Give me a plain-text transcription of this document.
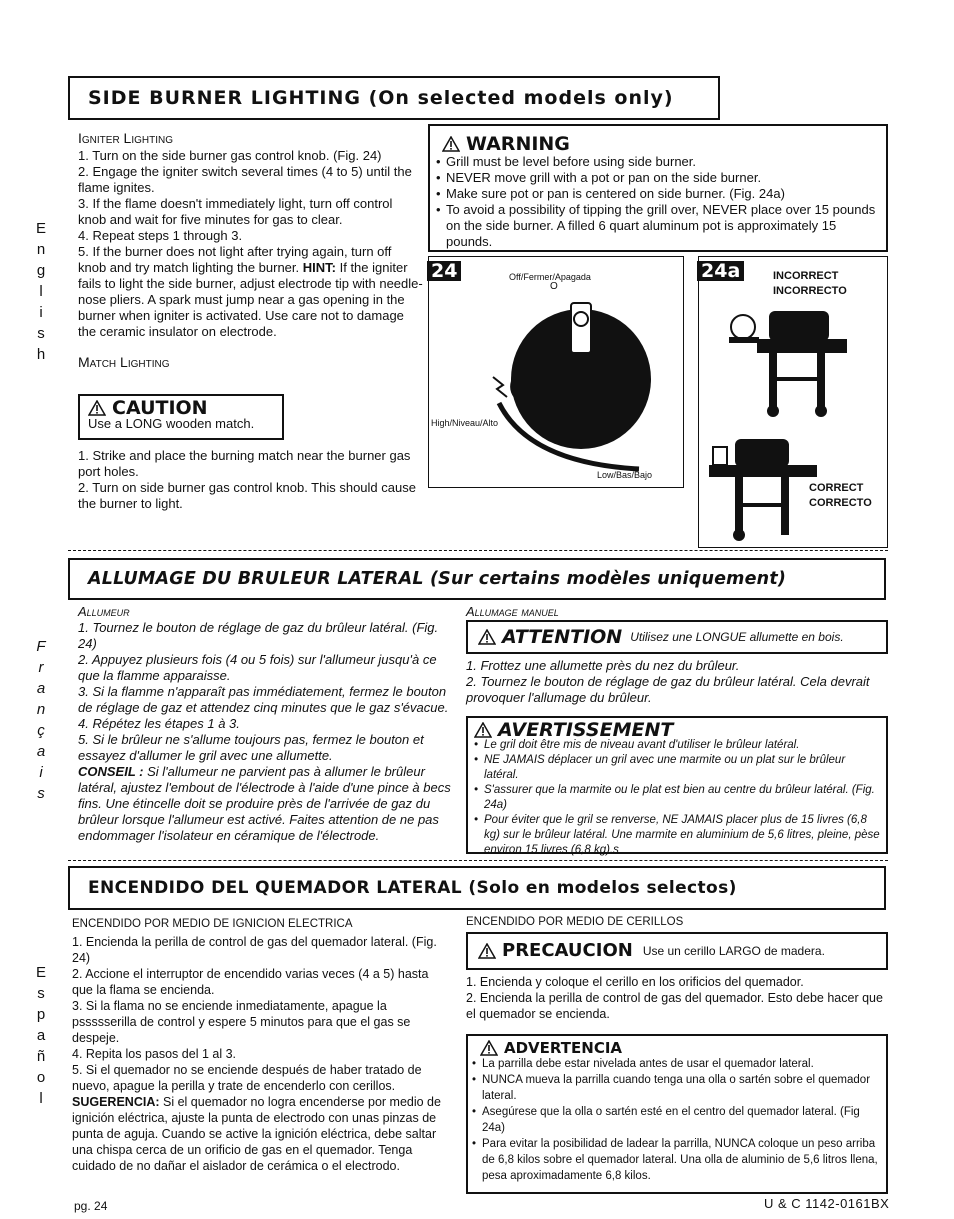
SIDE BURNER LIGHTING (On selected models only)
E
n
g
l
i
s
h
Igniter Lighting
1. Turn on the side burner gas control knob. (Fig. 24)
2. Engage the igniter switch several times (4 to 5) until the flame ignites.
3. If the flame doesn't immediately light, turn off control knob and wait for five minutes for gas to clear.
4. Repeat steps 1 through 3.
5. If the burner does not light after trying again, turn off knob and try match lighting the burner. HINT: If the igniter fails to light the side burner, adjust electrode tip with needle-nose pliers. A spark must jump near a gas opening in the burner when igniter is activated. Use care not to damage the ceramic insulator on electrode.
Match Lighting
CAUTION
Use a LONG wooden match.
1. Strike and place the burning match near the burner gas port holes.
2. Turn on side burner gas control knob. This should cause the burner to light.
WARNING
• Grill must be level before using side burner.
• NEVER move grill with a pot or pan on the side burner.
• Make sure pot or pan is centered on side burner. (Fig. 24a)
• To avoid a possibility of tipping the grill over, NEVER place over 15 pounds on the side burner. A filled 6 quart aluminum pot is approximately 15 pounds.
24	Off/Fermer/Apagada
O
High/Niveau/Alto
Low/Bas/Bajo
24a	INCORRECT
INCORRECTO
CORRECT
CORRECTO
ALLUMAGE DU BRULEUR LATERAL (Sur certains modèles uniquement)
F
r
a
n
ç
a
i
s
Allumeur
1. Tournez le bouton de réglage de gaz du brûleur latéral. (Fig. 24)
2. Appuyez plusieurs fois (4 ou 5 fois) sur l'allumeur jusqu'à ce que la flamme apparaisse.
3. Si la flamme n'apparaît pas immédiatement, fermez le bouton de réglage de gaz et attendez cinq minutes que le gaz s'évacue.
4. Répétez les étapes 1 à 3.
5. Si le brûleur ne s'allume toujours pas, fermez le bouton et essayez d'allumer le gril avec une allumette.
CONSEIL : Si l'allumeur ne parvient pas à allumer le brûleur latéral, ajustez l'embout de l'électrode à l'aide d'une pince à becs fins. Une étincelle doit se produire près de l'arrivée de gaz du brûleur lorsque l'allumeur est activé. Faites attention de ne pas endommager l'isolateur en céramique de l'électrode.
Allumage manuel
ATTENTION Utilisez une LONGUE allumette en bois.
1. Frottez une allumette près du nez du brûleur.
2. Tournez le bouton de réglage de gaz du brûleur latéral. Cela devrait provoquer l'allumage du brûleur.
AVERTISSEMENT
• Le gril doit être mis de niveau avant d'utiliser le brûleur latéral.
• NE JAMAIS déplacer un gril avec une marmite ou un plat sur le brûleur latéral.
• S'assurer que la marmite ou le plat est bien au centre du brûleur latéral. (Fig. 24a)
• Pour éviter que le gril se renverse, NE JAMAIS placer plus de 15 livres (6,8 kg) sur le brûleur latéral. Une marmite en aluminium de 5,6 litres, pleine, pèse environ 15 livres (6,8 kg).s
ENCENDIDO DEL QUEMADOR LATERAL (Solo en modelos selectos)
E
s
p
a
ñ
o
l
ENCENDIDO POR MEDIO DE IGNICION ELECTRICA
1. Encienda la perilla de control de gas del quemador lateral. (Fig. 24)
2. Accione el interruptor de encendido varias veces (4 a 5) hasta que la flama se encienda.
3. Si la flama no se enciende inmediatamente, apague la pssssserilla de control y espere 5 minutos para que el gas se despeje.
4. Repita los pasos del 1 al 3.
5. Si el quemador no se enciende después de haber tratado de nuevo, apague la perilla y trate de encenderlo con cerillos.
SUGERENCIA: Si el quemador no logra encenderse por medio de ignición eléctrica, ajuste la punta de electrodo con unas pinzas de punta de aguja. Cuando se active la ignición eléctrica, debe saltar una chispa cerca de un orificio de gas en el quemador. Tenga cuidado de no dañar el aislador de cerámica o el electrodo.
ENCENDIDO POR MEDIO DE CERILLOS
PRECAUCION Use un cerillo LARGO de madera.
1. Encienda y coloque el cerillo en los orificios del quemador.
2. Encienda la perilla de control de gas del quemador. Esto debe hacer que el quemador se encienda.
ADVERTENCIA
• La parrilla debe estar nivelada antes de usar el quemador lateral.
• NUNCA mueva la parrilla cuando tenga una olla o sartén sobre el quemador lateral.
• Asegúrese que la olla o sartén esté en el centro del quemador lateral. (Fig 24a)
• Para evitar la posibilidad de ladear la parrilla, NUNCA coloque un peso arriba de 6,8 kilos sobre el quemador lateral. Una olla de aluminio de 5,6 litros llena, pesa aproximadamente 6,8 kilos.
pg. 24	U & C 1142-0161BX
